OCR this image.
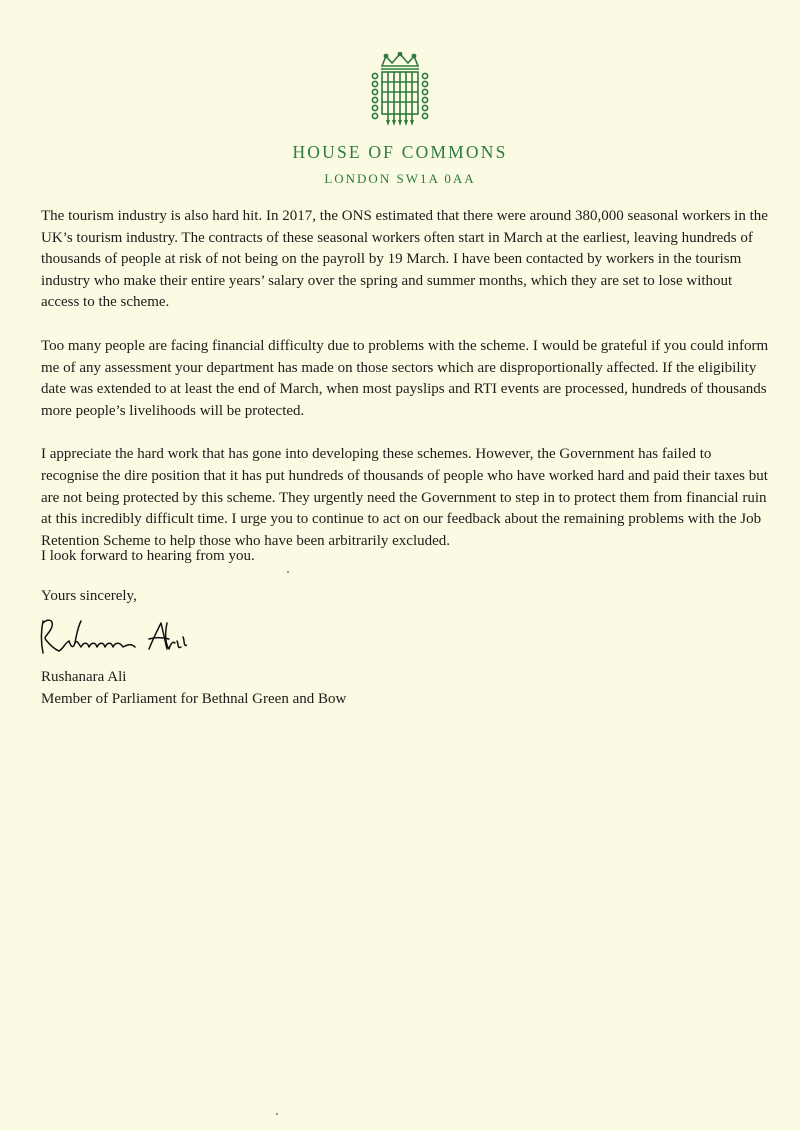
HOUSE OF COMMONS
LONDON SW1A 0AA

The tourism industry is also hard hit. In 2017, the ONS estimated that there were around 380,000 seasonal workers in the UK’s tourism industry. The contracts of these seasonal workers often start in March at the earliest, leaving hundreds of thousands of people at risk of not being on the payroll by 19 March. I have been contacted by workers in the tourism industry who make their entire years’ salary over the spring and summer months, which they are set to lose without access to the scheme.

Too many people are facing financial difficulty due to problems with the scheme. I would be grateful if you could inform me of any assessment your department has made on those sectors which are disproportionally affected. If the eligibility date was extended to at least the end of March, when most payslips and RTI events are processed, hundreds of thousands more people’s livelihoods will be protected.

I appreciate the hard work that has gone into developing these schemes. However, the Government has failed to recognise the dire position that it has put hundreds of thousands of people who have worked hard and paid their taxes but are not being protected by this scheme. They urgently need the Government to step in to protect them from financial ruin at this incredibly difficult time. I urge you to continue to act on our feedback about the remaining problems with the Job Retention Scheme to help those who have been arbitrarily excluded.

I look forward to hearing from you.

Yours sincerely,

Rushanara Ali

Member of Parliament for Bethnal Green and Bow
